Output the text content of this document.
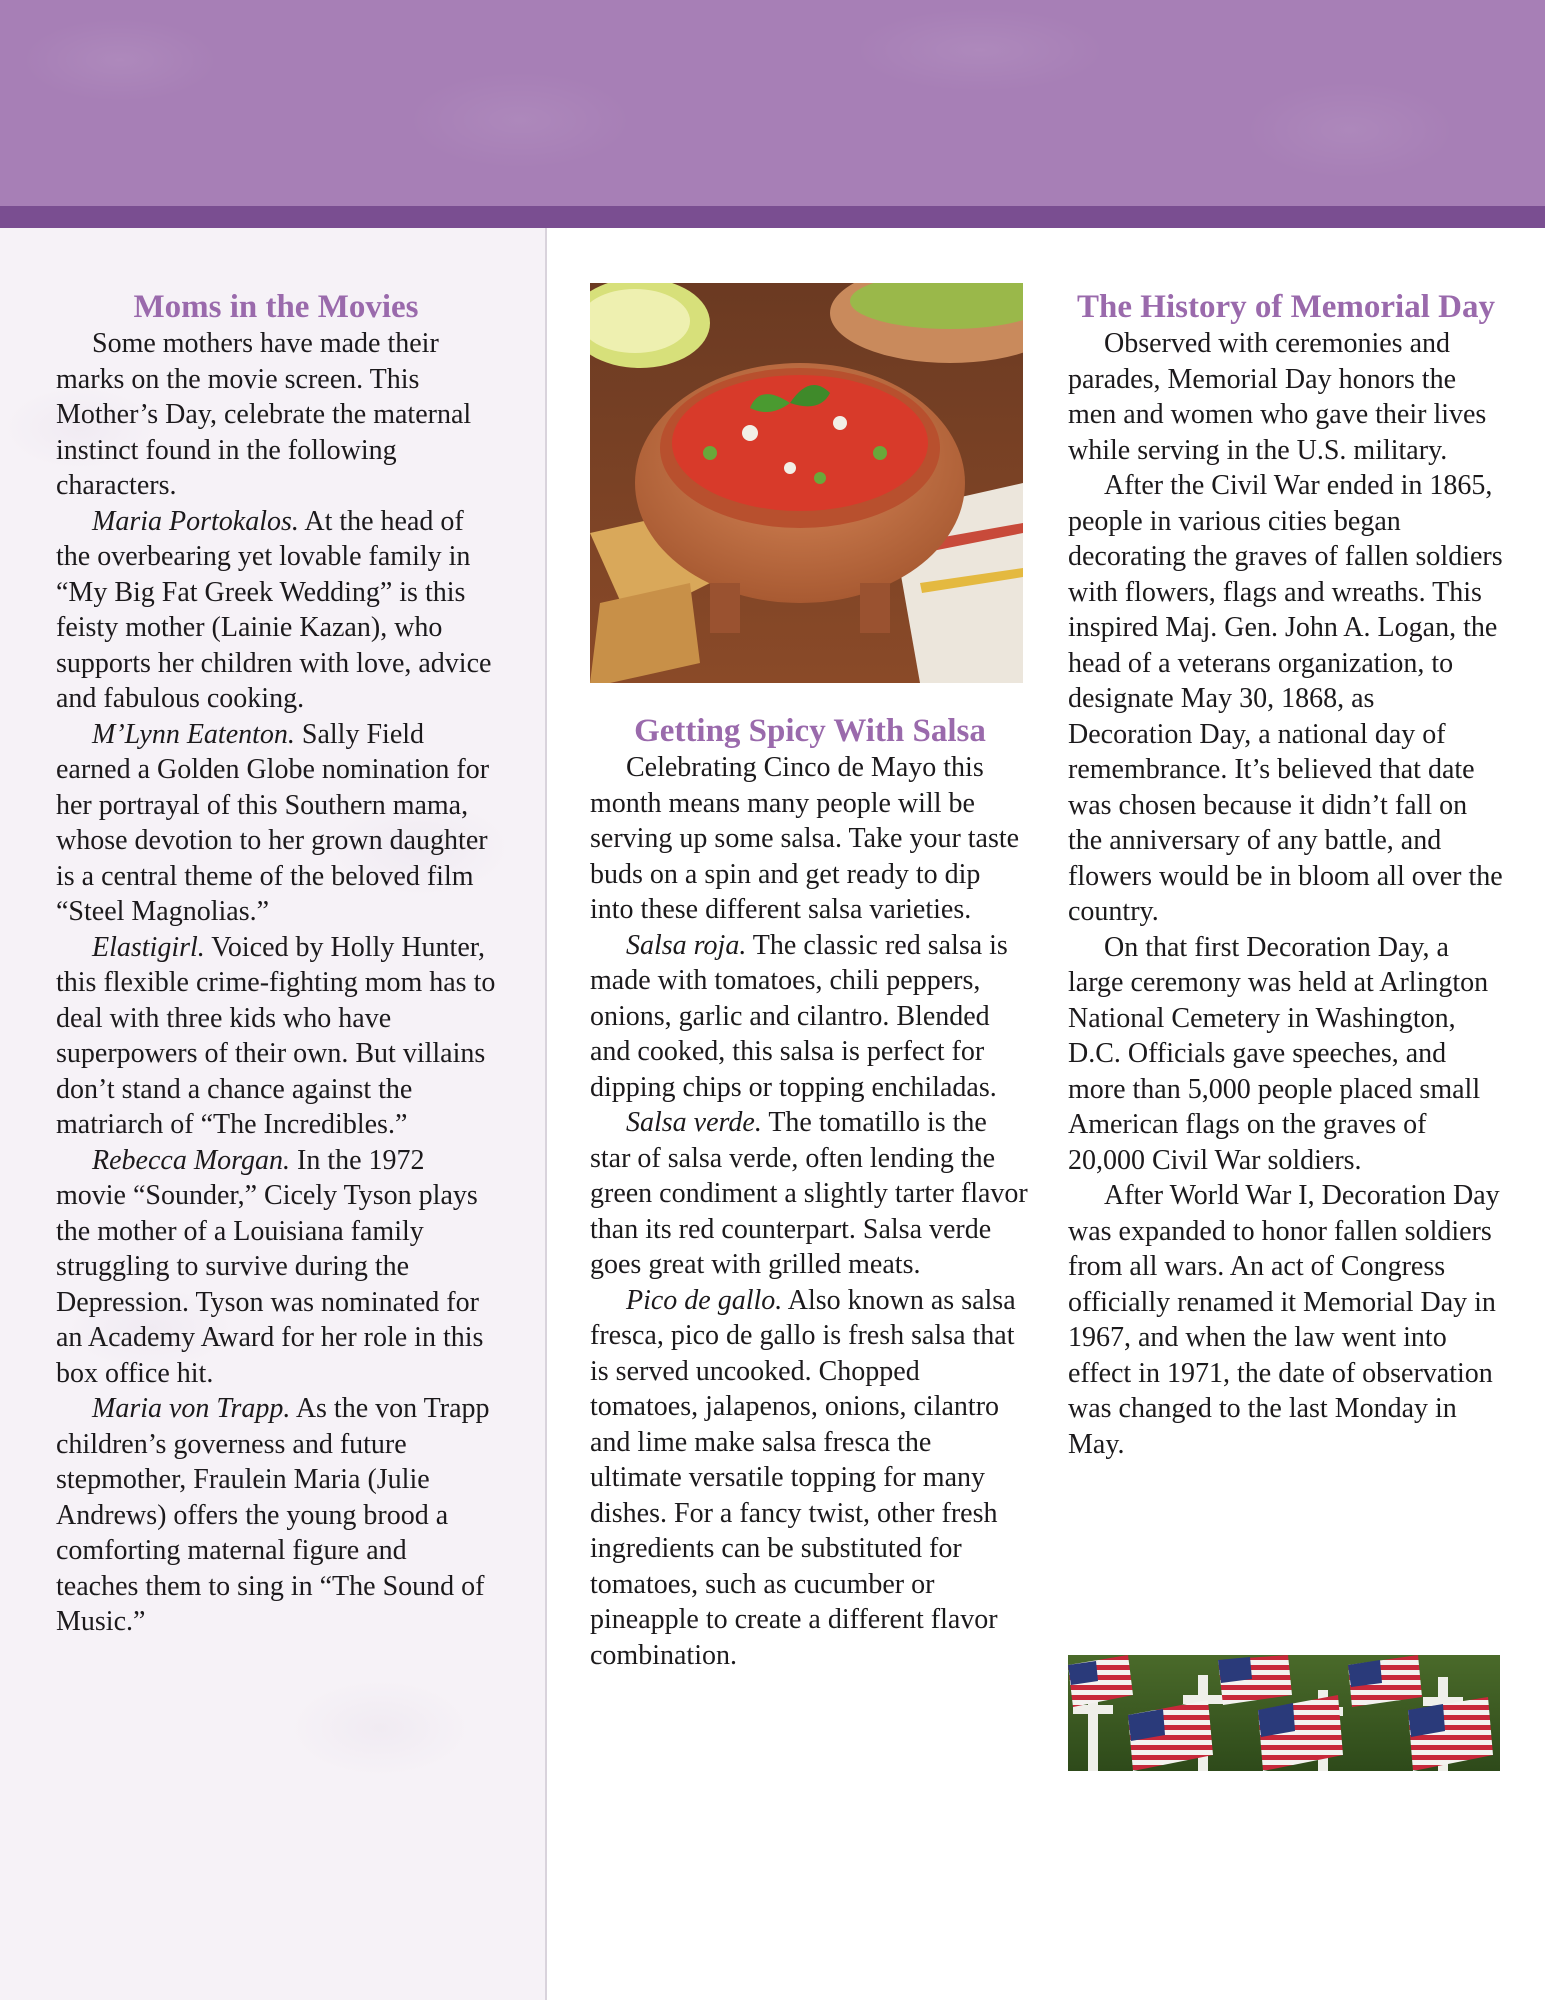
Moms in the Movies

Some mothers have made their marks on the movie screen. This Mother’s Day, celebrate the maternal instinct found in the following characters.

Maria Portokalos. At the head of the overbearing yet lovable family in “My Big Fat Greek Wedding” is this feisty mother (Lainie Kazan), who supports her children with love, advice and fabulous cooking.

M’Lynn Eatenton. Sally Field earned a Golden Globe nomination for her portrayal of this Southern mama, whose devotion to her grown daughter is a central theme of the beloved film “Steel Magnolias.”

Elastigirl. Voiced by Holly Hunter, this flexible crime-fighting mom has to deal with three kids who have superpowers of their own. But villains don’t stand a chance against the matriarch of “The Incredibles.”

Rebecca Morgan. In the 1972 movie “Sounder,” Cicely Tyson plays the mother of a Louisiana family struggling to survive during the Depression. Tyson was nominated for an Academy Award for her role in this box office hit.

Maria von Trapp. As the von Trapp children’s governess and future stepmother, Fraulein Maria (Julie Andrews) offers the young brood a comforting maternal figure and teaches them to sing in “The Sound of Music.”

Getting Spicy With Salsa

Celebrating Cinco de Mayo this month means many people will be serving up some salsa. Take your taste buds on a spin and get ready to dip into these different salsa varieties.

Salsa roja. The classic red salsa is made with tomatoes, chili peppers, onions, garlic and cilantro. Blended and cooked, this salsa is perfect for dipping chips or topping enchiladas.

Salsa verde. The tomatillo is the star of salsa verde, often lending the green condiment a slightly tarter flavor than its red counterpart. Salsa verde goes great with grilled meats.

Pico de gallo. Also known as salsa fresca, pico de gallo is fresh salsa that is served uncooked. Chopped tomatoes, jalapenos, onions, cilantro and lime make salsa fresca the ultimate versatile topping for many dishes. For a fancy twist, other fresh ingredients can be substituted for tomatoes, such as cucumber or pineapple to create a different flavor combination.

The History of Memorial Day

Observed with ceremonies and parades, Memorial Day honors the men and women who gave their lives while serving in the U.S. military.

After the Civil War ended in 1865, people in various cities began decorating the graves of fallen soldiers with flowers, flags and wreaths. This inspired Maj. Gen. John A. Logan, the head of a veterans organization, to designate May 30, 1868, as Decoration Day, a national day of remembrance. It’s believed that date was chosen because it didn’t fall on the anniversary of any battle, and flowers would be in bloom all over the country.

On that first Decoration Day, a large ceremony was held at Arlington National Cemetery in Washington, D.C. Officials gave speeches, and more than 5,000 people placed small American flags on the graves of 20,000 Civil War soldiers.

After World War I, Decoration Day was expanded to honor fallen soldiers from all wars. An act of Congress officially renamed it Memorial Day in 1967, and when the law went into effect in 1971, the date of observation was changed to the last Monday in May.
